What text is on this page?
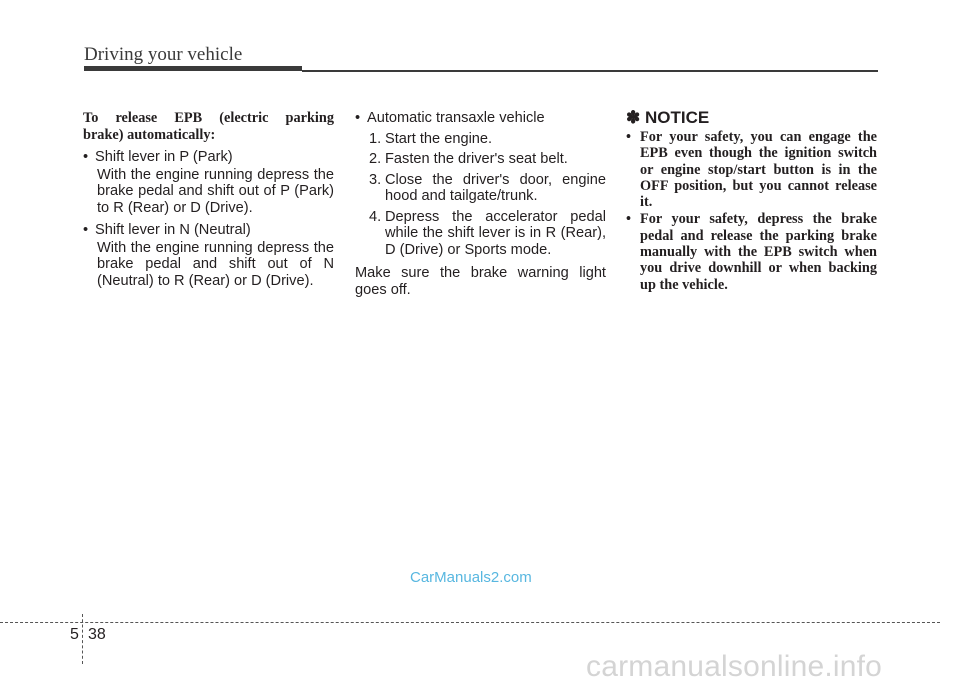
Driving your vehicle
To release EPB (electric parking
brake) automatically:
• Shift lever in P (Park)
With the engine running depress the brake pedal and shift out of P (Park) to R (Rear) or D (Drive).
• Shift lever in N (Neutral)
With the engine running depress the brake pedal and shift out of N (Neutral) to R (Rear) or D (Drive).
• Automatic transaxle vehicle
1. Start the engine.
2. Fasten the driver's seat belt.
3. Close the driver's door, engine hood and tailgate/trunk.
4. Depress the accelerator pedal while the shift lever is in R (Rear), D (Drive) or Sports mode.
Make sure the brake warning light goes off.
✽ NOTICE
• For your safety, you can engage the EPB even though the ignition switch or engine stop/start button is in the OFF position, but you cannot release it.
• For your safety, depress the brake pedal and release the parking brake manually with the EPB switch when you drive downhill or when backing up the vehicle.
CarManuals2.com
5 38
carmanualsonline.info
